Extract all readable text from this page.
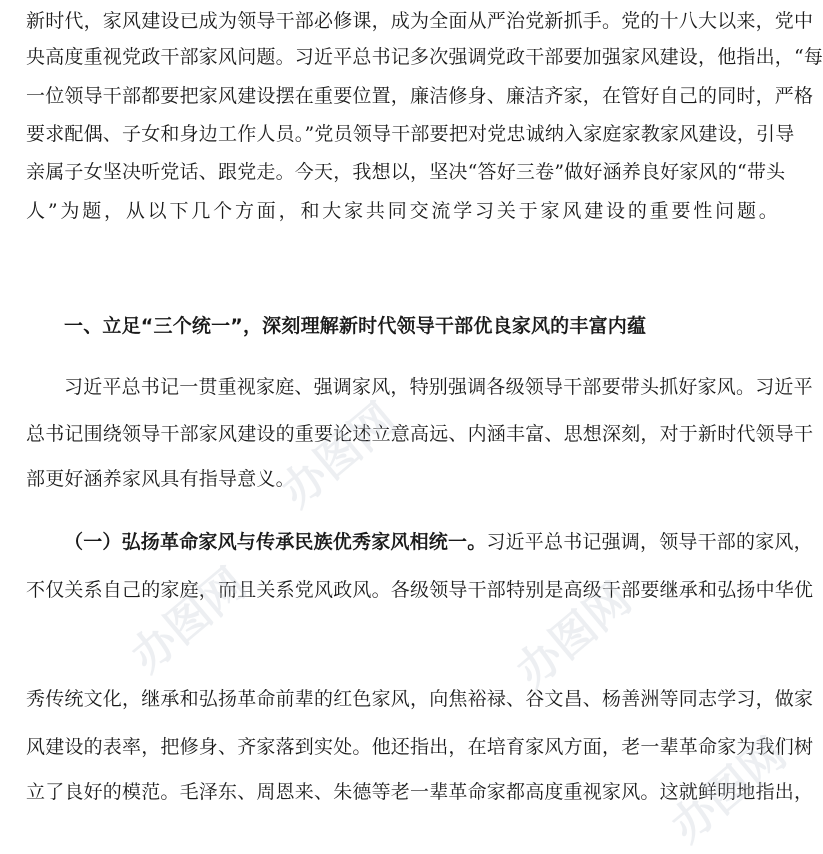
新时代，家风建设已成为领导干部必修课，成为全面从严治党新抓手。党的十八大以来，党中
央高度重视党政干部家风问题。习近平总书记多次强调党政干部要加强家风建设，他指出，“每
一位领导干部都要把家风建设摆在重要位置，廉洁修身、廉洁齐家，在管好自己的同时，严格
要求配偶、子女和身边工作人员。”党员领导干部要把对党忠诚纳入家庭家教家风建设，引导
亲属子女坚决听党话、跟党走。今天，我想以，坚决“答好三卷”做好涵养良好家风的“带头
人”为题，从以下几个方面，和大家共同交流学习关于家风建设的重要性问题。
一、立足“三个统一”，深刻理解新时代领导干部优良家风的丰富内蕴
习近平总书记一贯重视家庭、强调家风，特别强调各级领导干部要带头抓好家风。习近平
总书记围绕领导干部家风建设的重要论述立意高远、内涵丰富、思想深刻，对于新时代领导干
部更好涵养家风具有指导意义。
（一）弘扬革命家风与传承民族优秀家风相统一。习近平总书记强调，领导干部的家风，
不仅关系自己的家庭，而且关系党风政风。各级领导干部特别是高级干部要继承和弘扬中华优
秀传统文化，继承和弘扬革命前辈的红色家风，向焦裕禄、谷文昌、杨善洲等同志学习，做家
风建设的表率，把修身、齐家落到实处。他还指出，在培育家风方面，老一辈革命家为我们树
立了良好的模范。毛泽东、周恩来、朱德等老一辈革命家都高度重视家风。这就鲜明地指出，
办图网
办图网	办图网
办图网
